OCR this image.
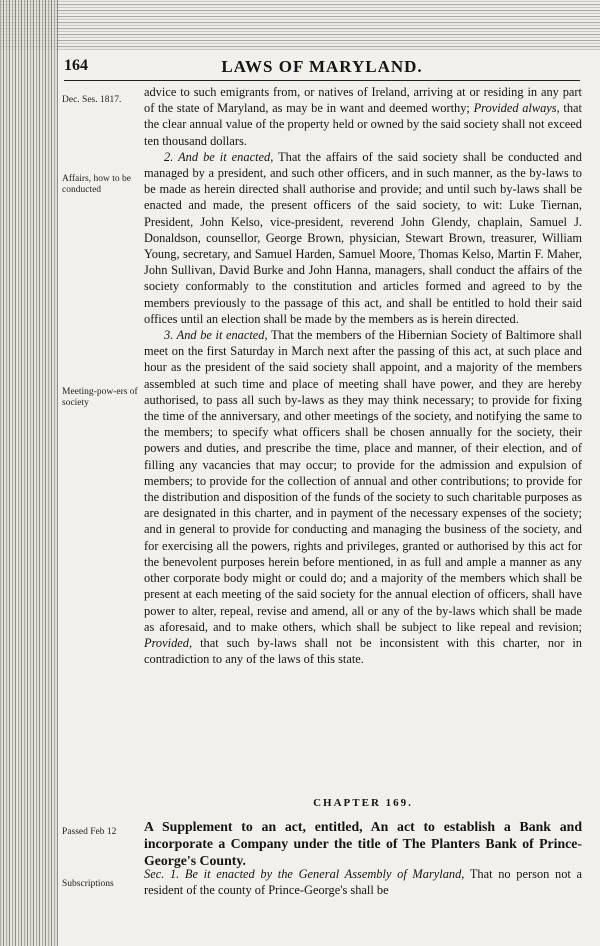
164	LAWS OF MARYLAND.
Dec. Ses. 1817.
Affairs, how to be conducted
Meeting-pow-ers of society
Passed Feb 12
Subscriptions

advice to such emigrants from, or natives of Ireland, arriving at or residing in any part of the state of Maryland, as may be in want and deemed worthy; Provided always, that the clear annual value of the property held or owned by the said society shall not exceed ten thousand dollars.

2. And be it enacted, That the affairs of the said society shall be conducted and managed by a president, and such other officers, and in such manner, as the by-laws to be made as herein directed shall authorise and provide; and until such by-laws shall be enacted and made, the present officers of the said society, to wit: Luke Tiernan, President, John Kelso, vice-president, reverend John Glendy, chaplain, Samuel J. Donaldson, counsellor, George Brown, physician, Stewart Brown, treasurer, William Young, secretary, and Samuel Harden, Samuel Moore, Thomas Kelso, Martin F. Maher, John Sullivan, David Burke and John Hanna, managers, shall conduct the affairs of the society conformably to the constitution and articles formed and agreed to by the members previously to the passage of this act, and shall be entitled to hold their said offices until an election shall be made by the members as is herein directed.

3. And be it enacted, That the members of the Hibernian Society of Baltimore shall meet on the first Saturday in March next after the passing of this act, at such place and hour as the president of the said society shall appoint, and a majority of the members assembled at such time and place of meeting shall have power, and they are hereby authorised, to pass all such by-laws as they may think necessary; to provide for fixing the time of the anniversary, and other meetings of the society, and notifying the same to the members; to specify what officers shall be chosen annually for the society, their powers and duties, and prescribe the time, place and manner, of their election, and of filling any vacancies that may occur; to provide for the admission and expulsion of members; to provide for the collection of annual and other contributions; to provide for the distribution and disposition of the funds of the society to such charitable purposes as are designated in this charter, and in payment of the necessary expenses of the society; and in general to provide for conducting and managing the business of the society, and for exercising all the powers, rights and privileges, granted or authorised by this act for the benevolent purposes herein before mentioned, in as full and ample a manner as any other corporate body might or could do; and a majority of the members which shall be present at each meeting of the said society for the annual election of officers, shall have power to alter, repeal, revise and amend, all or any of the by-laws which shall be made as aforesaid, and to make others, which shall be subject to like repeal and revision; Provided, that such by-laws shall not be inconsistent with this charter, nor in contradiction to any of the laws of this state.

CHAPTER 169.
A Supplement to an act, entitled, An act to establish a Bank and incorporate a Company under the title of The Planters Bank of Prince-George's County.
Sec. 1. Be it enacted by the General Assembly of Maryland, That no person not a resident of the county of Prince-George's shall be
